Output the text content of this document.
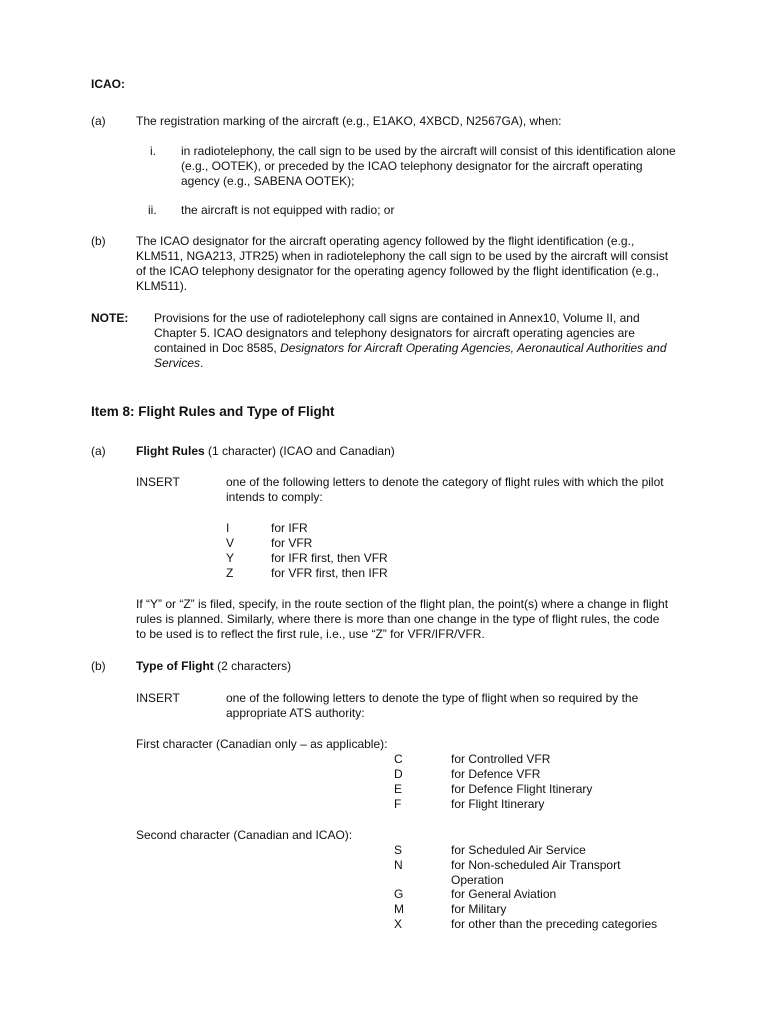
ICAO:
(a)	The registration marking of the aircraft (e.g., E1AKO, 4XBCD, N2567GA), when:
i. in radiotelephony, the call sign to be used by the aircraft will consist of this identification alone (e.g., OOTEK), or preceded by the ICAO telephony designator for the aircraft operating agency (e.g., SABENA OOTEK);
ii. the aircraft is not equipped with radio; or
(b)	The ICAO designator for the aircraft operating agency followed by the flight identification (e.g., KLM511, NGA213, JTR25) when in radiotelephony the call sign to be used by the aircraft will consist of the ICAO telephony designator for the operating agency followed by the flight identification (e.g., KLM511).
NOTE: Provisions for the use of radiotelephony call signs are contained in Annex10, Volume II, and Chapter 5. ICAO designators and telephony designators for aircraft operating agencies are contained in Doc 8585, Designators for Aircraft Operating Agencies, Aeronautical Authorities and Services.
Item 8: Flight Rules and Type of Flight
(a)	Flight Rules (1 character) (ICAO and Canadian)
INSERT	one of the following letters to denote the category of flight rules with which the pilot intends to comply:
I	for IFR
V	for VFR
Y	for IFR first, then VFR
Z	for VFR first, then IFR
If “Y” or “Z” is filed, specify, in the route section of the flight plan, the point(s) where a change in flight rules is planned. Similarly, where there is more than one change in the type of flight rules, the code to be used is to reflect the first rule, i.e., use “Z” for VFR/IFR/VFR.
(b)	Type of Flight (2 characters)
INSERT	one of the following letters to denote the type of flight when so required by the appropriate ATS authority:
First character (Canadian only – as applicable):
C	for Controlled VFR
D	for Defence VFR
E	for Defence Flight Itinerary
F	for Flight Itinerary
Second character (Canadian and ICAO):
S	for Scheduled Air Service
N	for Non-scheduled Air Transport Operation
G	for General Aviation
M	for Military
X	for other than the preceding categories
